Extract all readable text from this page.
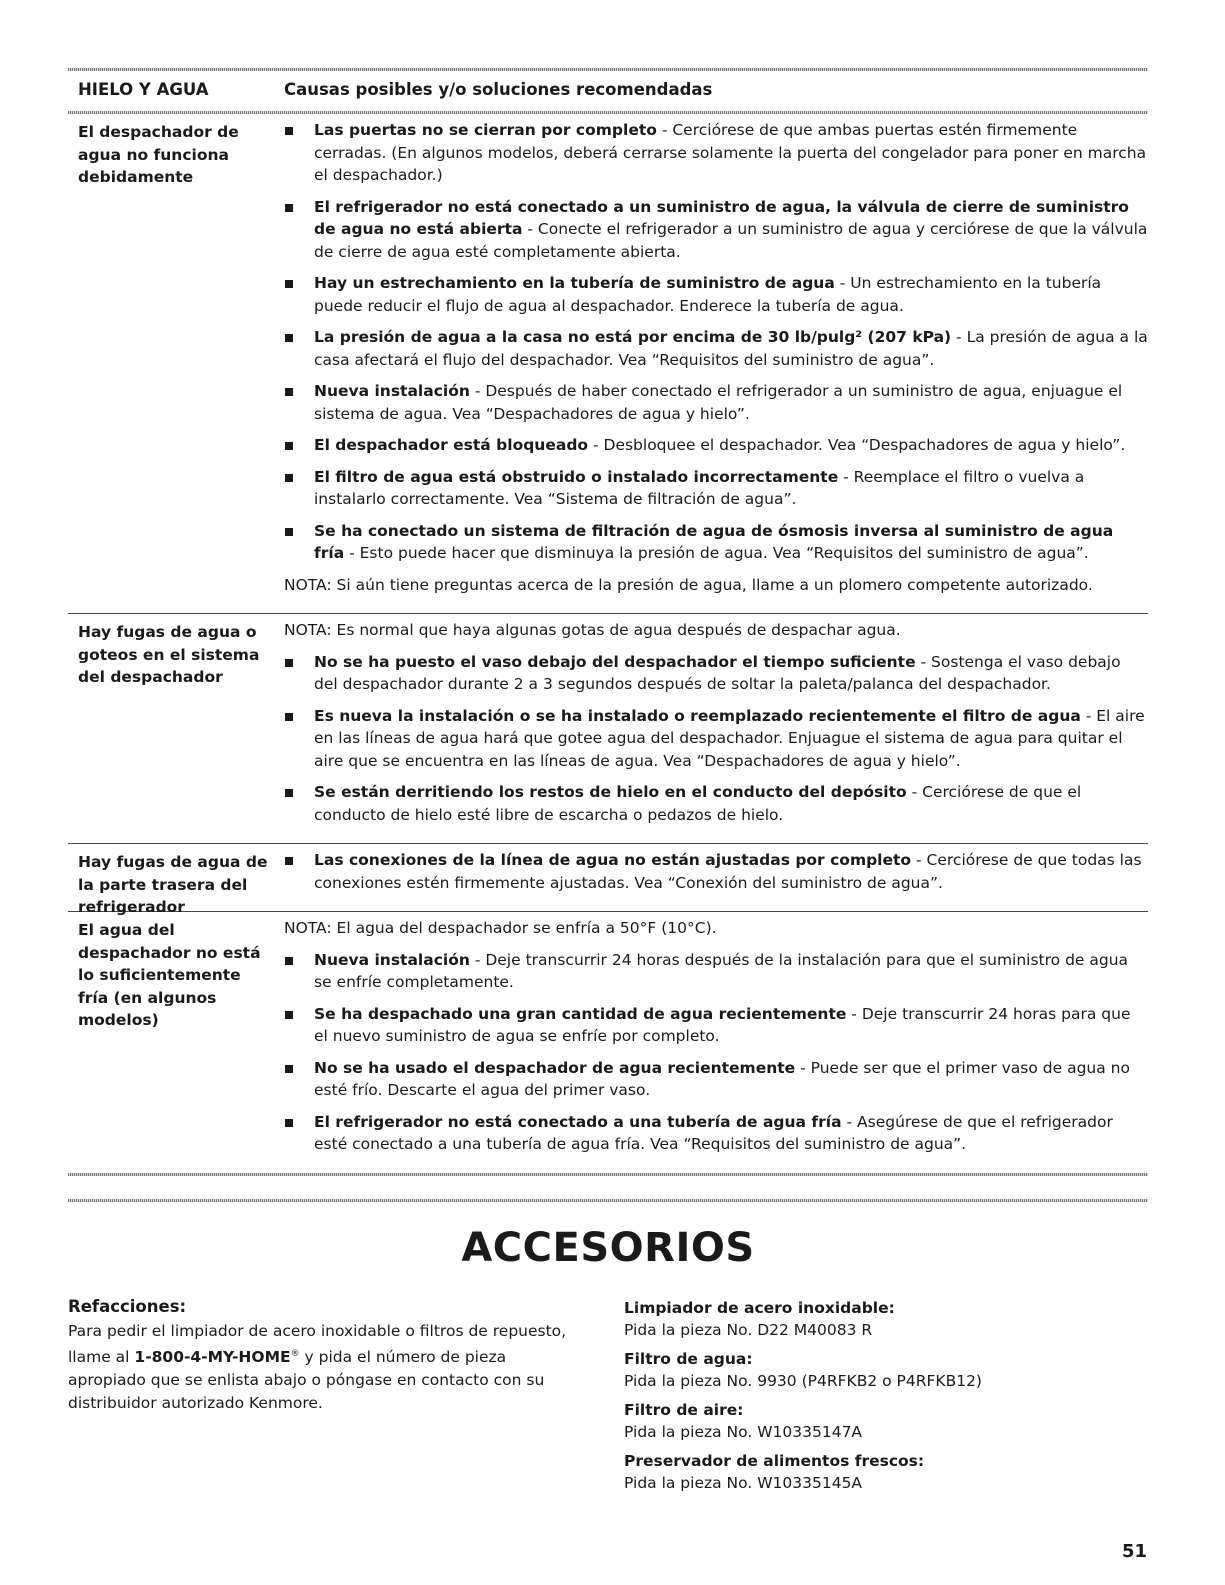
HIELO Y AGUA	Causas posibles y/o soluciones recomendadas
El despachador de agua no funciona debidamente
Las puertas no se cierran por completo - Cerciórese de que ambas puertas estén firmemente cerradas. (En algunos modelos, deberá cerrarse solamente la puerta del congelador para poner en marcha el despachador.)
El refrigerador no está conectado a un suministro de agua, la válvula de cierre de suministro de agua no está abierta - Conecte el refrigerador a un suministro de agua y cerciórese de que la válvula de cierre de agua esté completamente abierta.
Hay un estrechamiento en la tubería de suministro de agua - Un estrechamiento en la tubería puede reducir el flujo de agua al despachador. Enderece la tubería de agua.
La presión de agua a la casa no está por encima de 30 lb/pulg² (207 kPa) - La presión de agua a la casa afectará el flujo del despachador. Vea “Requisitos del suministro de agua”.
Nueva instalación - Después de haber conectado el refrigerador a un suministro de agua, enjuague el sistema de agua. Vea “Despachadores de agua y hielo”.
El despachador está bloqueado - Desbloquee el despachador. Vea “Despachadores de agua y hielo”.
El filtro de agua está obstruido o instalado incorrectamente - Reemplace el filtro o vuelva a instalarlo correctamente. Vea “Sistema de filtración de agua”.
Se ha conectado un sistema de filtración de agua de ósmosis inversa al suministro de agua fría - Esto puede hacer que disminuya la presión de agua. Vea “Requisitos del suministro de agua”.
NOTA: Si aún tiene preguntas acerca de la presión de agua, llame a un plomero competente autorizado.
Hay fugas de agua o goteos en el sistema del despachador
NOTA: Es normal que haya algunas gotas de agua después de despachar agua.
No se ha puesto el vaso debajo del despachador el tiempo suficiente - Sostenga el vaso debajo del despachador durante 2 a 3 segundos después de soltar la paleta/palanca del despachador.
Es nueva la instalación o se ha instalado o reemplazado recientemente el filtro de agua - El aire en las líneas de agua hará que gotee agua del despachador. Enjuague el sistema de agua para quitar el aire que se encuentra en las líneas de agua. Vea “Despachadores de agua y hielo”.
Se están derritiendo los restos de hielo en el conducto del depósito - Cerciórese de que el conducto de hielo esté libre de escarcha o pedazos de hielo.
Hay fugas de agua de la parte trasera del refrigerador
Las conexiones de la línea de agua no están ajustadas por completo - Cerciórese de que todas las conexiones estén firmemente ajustadas. Vea “Conexión del suministro de agua”.
El agua del despachador no está lo suficientemente fría (en algunos modelos)
NOTA: El agua del despachador se enfría a 50°F (10°C).
Nueva instalación - Deje transcurrir 24 horas después de la instalación para que el suministro de agua se enfríe completamente.
Se ha despachado una gran cantidad de agua recientemente - Deje transcurrir 24 horas para que el nuevo suministro de agua se enfríe por completo.
No se ha usado el despachador de agua recientemente - Puede ser que el primer vaso de agua no esté frío. Descarte el agua del primer vaso.
El refrigerador no está conectado a una tubería de agua fría - Asegúrese de que el refrigerador esté conectado a una tubería de agua fría. Vea “Requisitos del suministro de agua”.
ACCESORIOS
Refacciones:

Para pedir el limpiador de acero inoxidable o filtros de repuesto, llame al 1-800-4-MY-HOME® y pida el número de pieza apropiado que se enlista abajo o póngase en contacto con su distribuidor autorizado Kenmore.

Limpiador de acero inoxidable:
Pida la pieza No. D22 M40083 R
Filtro de agua:
Pida la pieza No. 9930 (P4RFKB2 o P4RFKB12)
Filtro de aire:
Pida la pieza No. W10335147A
Preservador de alimentos frescos:
Pida la pieza No. W10335145A
51
